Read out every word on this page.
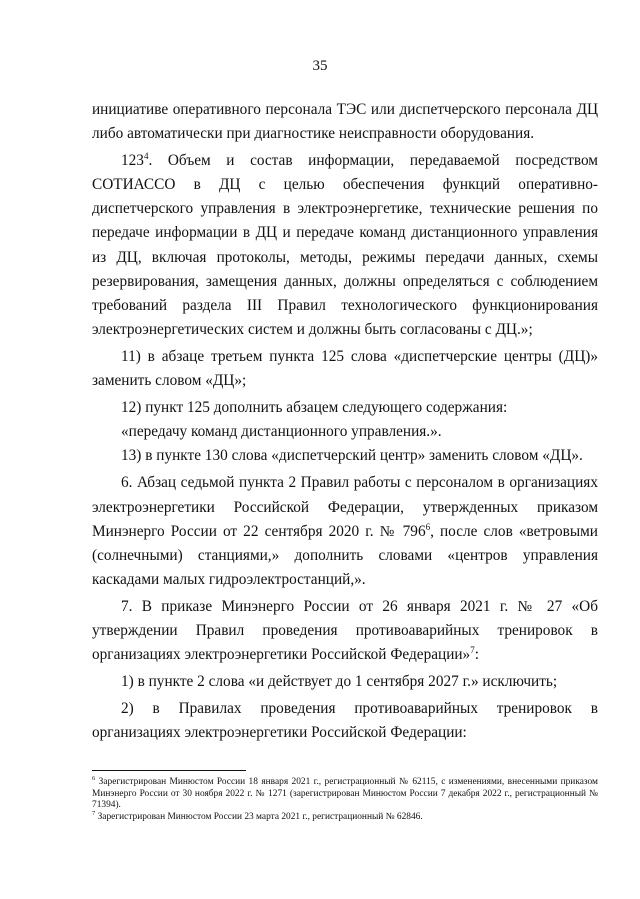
35

инициативе оперативного персонала ТЭС или диспетчерского персонала ДЦ либо автоматически при диагностике неисправности оборудования.

$123^4$. Объем и состав информации, передаваемой посредством СОТИАССО в ДЦ с целью обеспечения функций оперативно-диспетчерского управления в электроэнергетике, технические решения по передаче информации в ДЦ и передаче команд дистанционного управления из ДЦ, включая протоколы, методы, режимы передачи данных, схемы резервирования, замещения данных, должны определяться с соблюдением требований раздела III Правил технологического функционирования электроэнергетических систем и должны быть согласованы с ДЦ.»;

11) в абзаце третьем пункта 125 слова «диспетчерские центры (ДЦ)» заменить словом «ДЦ»;

12) пункт 125 дополнить абзацем следующего содержания:

«передачу команд дистанционного управления.».

13) в пункте 130 слова «диспетчерский центр» заменить словом «ДЦ».

6. Абзац седьмой пункта 2 Правил работы с персоналом в организациях электроэнергетики Российской Федерации, утвержденных приказом Минэнерго России от 22 сентября 2020 г. № $796^6$, после слов «ветровыми (солнечными) станциями,» дополнить словами «центров управления каскадами малых гидроэлектростанций,».

7. В приказе Минэнерго России от 26 января 2021 г. № 27 «Об утверждении Правил проведения противоаварийных тренировок в организациях электроэнергетики Российской Федерации»$^7$:

1) в пункте 2 слова «и действует до 1 сентября 2027 г.» исключить;

2) в Правилах проведения противоаварийных тренировок в организациях электроэнергетики Российской Федерации:

$^6$ Зарегистрирован Минюстом России 18 января 2021 г., регистрационный № 62115, с изменениями, внесенными приказом Минэнерго России от 30 ноября 2022 г. № 1271 (зарегистрирован Минюстом России 7 декабря 2022 г., регистрационный № 71394).

$^7$ Зарегистрирован Минюстом России 23 марта 2021 г., регистрационный № 62846.
